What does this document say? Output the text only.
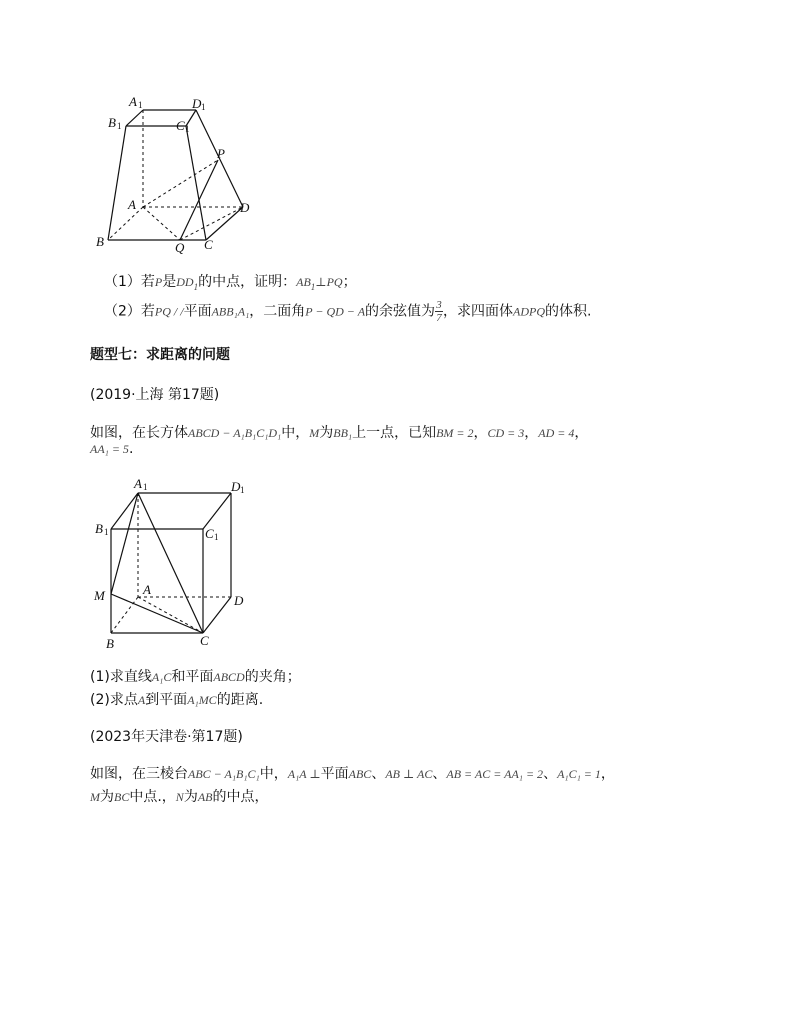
A 1	D 1
B 1	C 1
P
A	D
B	Q C
（1）若P是$DD_1$的中点，证明：$AB_1\perp PQ$；
（2）若PQ / /平面ABB₁A₁，二面角P − QD − A的余弦值为 $\frac{3}{7}$ ，求四面体ADPQ的体积.
题型七：求距离的问题
(2019·上海 第17题)
如图，在长方体ABCD − A₁B₁C₁D₁中，M为BB₁上一点，已知BM = 2，CD = 3，AD = 4，
AA₁ = 5.
A 1	D 1
B 1	C 1
M	A
D
B	C
(1)求直线A₁C和平面ABCD的夹角；
(2)求点A到平面A₁MC的距离.
(2023年天津卷·第17题)
如图，在三棱台ABC − A₁B₁C₁中，A₁A ⊥平面ABC、AB ⊥ AC、AB = AC = AA₁ = 2、A₁C₁ = 1，
M为BC中点.，N为AB的中点，
